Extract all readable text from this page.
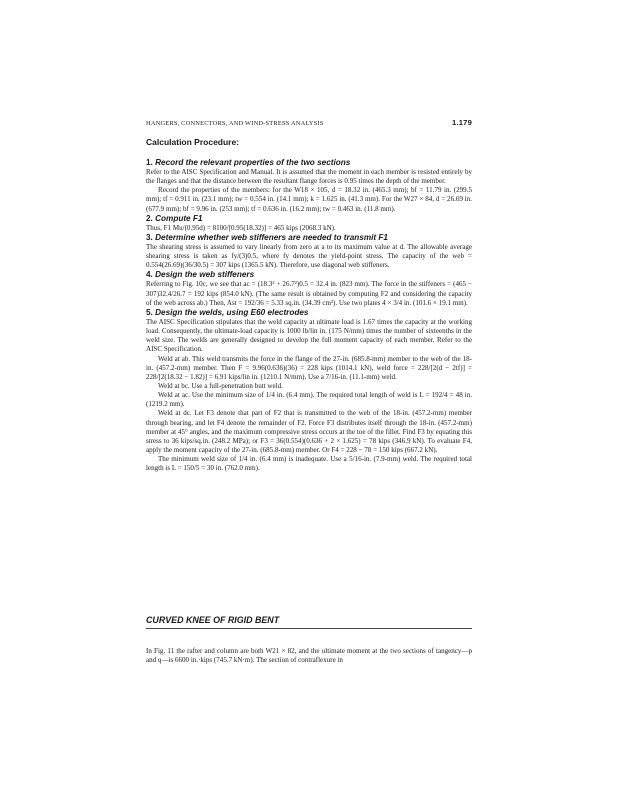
HANGERS, CONNECTORS, AND WIND-STRESS ANALYSIS	1.179
Calculation Procedure:
1. Record the relevant properties of the two sections

Refer to the AISC Specification and Manual. It is assumed that the moment in each member is resisted entirely by the flanges and that the distance between the resultant flange forces is 0.95 times the depth of the member.

Record the properties of the members: for the W18 × 105, d = 18.32 in. (465.3 mm); bf = 11.79 in. (299.5 mm); tf = 0.911 in. (23.1 mm); tw = 0.554 in. (14.1 mm); k = 1.625 in. (41.3 mm). For the W27 × 84, d = 26.69 in. (677.9 mm); bf = 9.96 in. (253 mm); tf = 0.636 in. (16.2 mm); tw = 0.463 in. (11.8 mm).

2. Compute F1

Thus, F1 Mu/(0.95d) = 8100/[0.95(18.32)] = 465 kips (2068.3 kN).

3. Determine whether web stiffeners are needed to transmit F1

The shearing stress is assumed to vary linearly from zero at a to its maximum value at d. The allowable average shearing stress is taken as fy/(3)0.5, where fy denotes the yield-point stress. The capacity of the web = 0.554(26.69)(36/30.5) = 307 kips (1365.5 kN). Therefore, use diagonal web stiffeners.

4. Design the web stiffeners

Referring to Fig. 10c, we see that ac = (18.3² + 26.7²)0.5 = 32.4 in. (823 mm). The force in the stiffeners = (465 − 307)32.4/26.7 = 192 kips (854.0 kN). (The same result is obtained by computing F2 and considering the capacity of the web across ab.) Then, Ast = 192/36 = 5.33 sq.in. (34.39 cm²). Use two plates 4 × 3/4 in. (101.6 × 19.1 mm).

5. Design the welds, using E60 electrodes

The AISC Specification stipulates that the weld capacity at ultimate load is 1.67 times the capacity at the working load. Consequently, the ultimate-load capacity is 1000 lb/lin in. (175 N/mm) times the number of sixteenths in the weld size. The welds are generally designed to develop the full moment capacity of each member. Refer to the AISC Specification.

Weld at ab. This weld transmits the force in the flange of the 27-in. (685.8-mm) member to the web of the 18-in. (457.2-mm) member. Then F = 9.96(0.636)(36) = 228 kips (1014.1 kN), weld force = 228/[2(d − 2tf)] = 228/[2(18.32 − 1.82)] = 6.91 kips/lin in. (1210.1 N/mm). Use a 7/16-in. (11.1-mm) weld.

Weld at bc. Use a full-penetration butt weld.

Weld at ac. Use the minimum size of 1/4 in. (6.4 mm). The required total length of weld is L = 192/4 = 48 in. (1219.2 mm).

Weld at dc. Let F3 denote that part of F2 that is transmitted to the web of the 18-in. (457.2-mm) member through bearing, and let F4 denote the remainder of F2. Force F3 distributes itself through the 18-in. (457.2-mm) member at 45° angles, and the maximum compressive stress occurs at the toe of the fillet. Find F3 by equating this stress to 36 kips/sq.in. (248.2 MPa); or F3 = 36(0.554)(0.636 + 2 × 1.625) = 78 kips (346.9 kN). To evaluate F4, apply the moment capacity of the 27-in. (685.8-mm) member. Or F4 = 228 − 78 = 150 kips (667.2 kN).

The minimum weld size of 1/4 in. (6.4 mm) is inadequate. Use a 5/16-in. (7.9-mm) weld. The required total length is L = 150/5 = 30 in. (762.0 mm).

CURVED KNEE OF RIGID BENT

In Fig. 11 the rafter and column are both W21 × 82, and the ultimate moment at the two sections of tangency—p and q—is 6600 in.·kips (745.7 kN·m). The section of contraflexure in
